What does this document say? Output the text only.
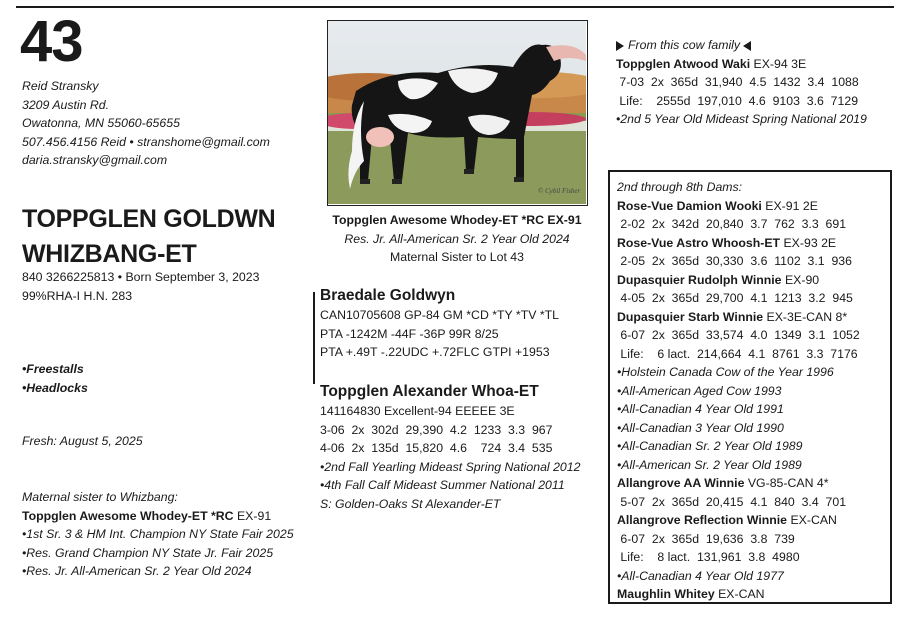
43
Reid Stransky
3209 Austin Rd.
Owatonna, MN 55060-65655
507.456.4156 Reid • stranshome@gmail.com
daria.stransky@gmail.com
TOPPGLEN GOLDWN
WHIZBANG-ET
840 3266225813 • Born September 3, 2023
99%RHA-I H.N. 283
•Freestalls
•Headlocks
Fresh: August 5, 2025
Maternal sister to Whizbang:
Toppglen Awesome Whodey-ET *RC EX-91
•1st Sr. 3 & HM Int. Champion NY State Fair 2025
•Res. Grand Champion NY State Jr. Fair 2025
•Res. Jr. All-American Sr. 2 Year Old 2024
© Cybil Fisher
Toppglen Awesome Whodey-ET *RC EX-91
Res. Jr. All-American Sr. 2 Year Old 2024
Maternal Sister to Lot 43
Braedale Goldwyn
CAN10705608 GP-84 GM *CD *TY *TV *TL
PTA -1242M -44F -36P 99R 8/25
PTA +.49T -.22UDC +.72FLC GTPI +1953
Toppglen Alexander Whoa-ET
141164830 Excellent-94 EEEEE 3E
3-06  2x  302d  29,390  4.2  1233  3.3  967
4-06  2x  135d  15,820  4.6    724  3.4  535
•2nd Fall Yearling Mideast Spring National 2012
•4th Fall Calf Mideast Summer National 2011
S: Golden-Oaks St Alexander-ET
From this cow family
Toppglen Atwood Waki EX-94 3E
7-03  2x  365d  31,940  4.5  1432  3.4  1088
Life:    2555d  197,010  4.6  9103  3.6  7129
•2nd 5 Year Old Mideast Spring National 2019
2nd through 8th Dams:
Rose-Vue Damion Wooki EX-91 2E
2-02  2x  342d  20,840  3.7  762  3.3  691
Rose-Vue Astro Whoosh-ET EX-93 2E
2-05  2x  365d  30,330  3.6  1102  3.1  936
Dupasquier Rudolph Winnie EX-90
4-05  2x  365d  29,700  4.1  1213  3.2  945
Dupasquier Starb Winnie EX-3E-CAN 8*
6-07  2x  365d  33,574  4.0  1349  3.1  1052
Life:    6 lact.  214,664  4.1  8761  3.3  7176
•Holstein Canada Cow of the Year 1996
•All-American Aged Cow 1993
•All-Canadian 4 Year Old 1991
•All-Canadian 3 Year Old 1990
•All-Canadian Sr. 2 Year Old 1989
•All-American Sr. 2 Year Old 1989
Allangrove AA Winnie VG-85-CAN 4*
5-07  2x  365d  20,415  4.1  840  3.4  701
Allangrove Reflection Winnie EX-CAN
6-07  2x  365d  19,636  3.8  739
Life:    8 lact.  131,961  3.8  4980
•All-Canadian 4 Year Old 1977
Maughlin Whitey EX-CAN
